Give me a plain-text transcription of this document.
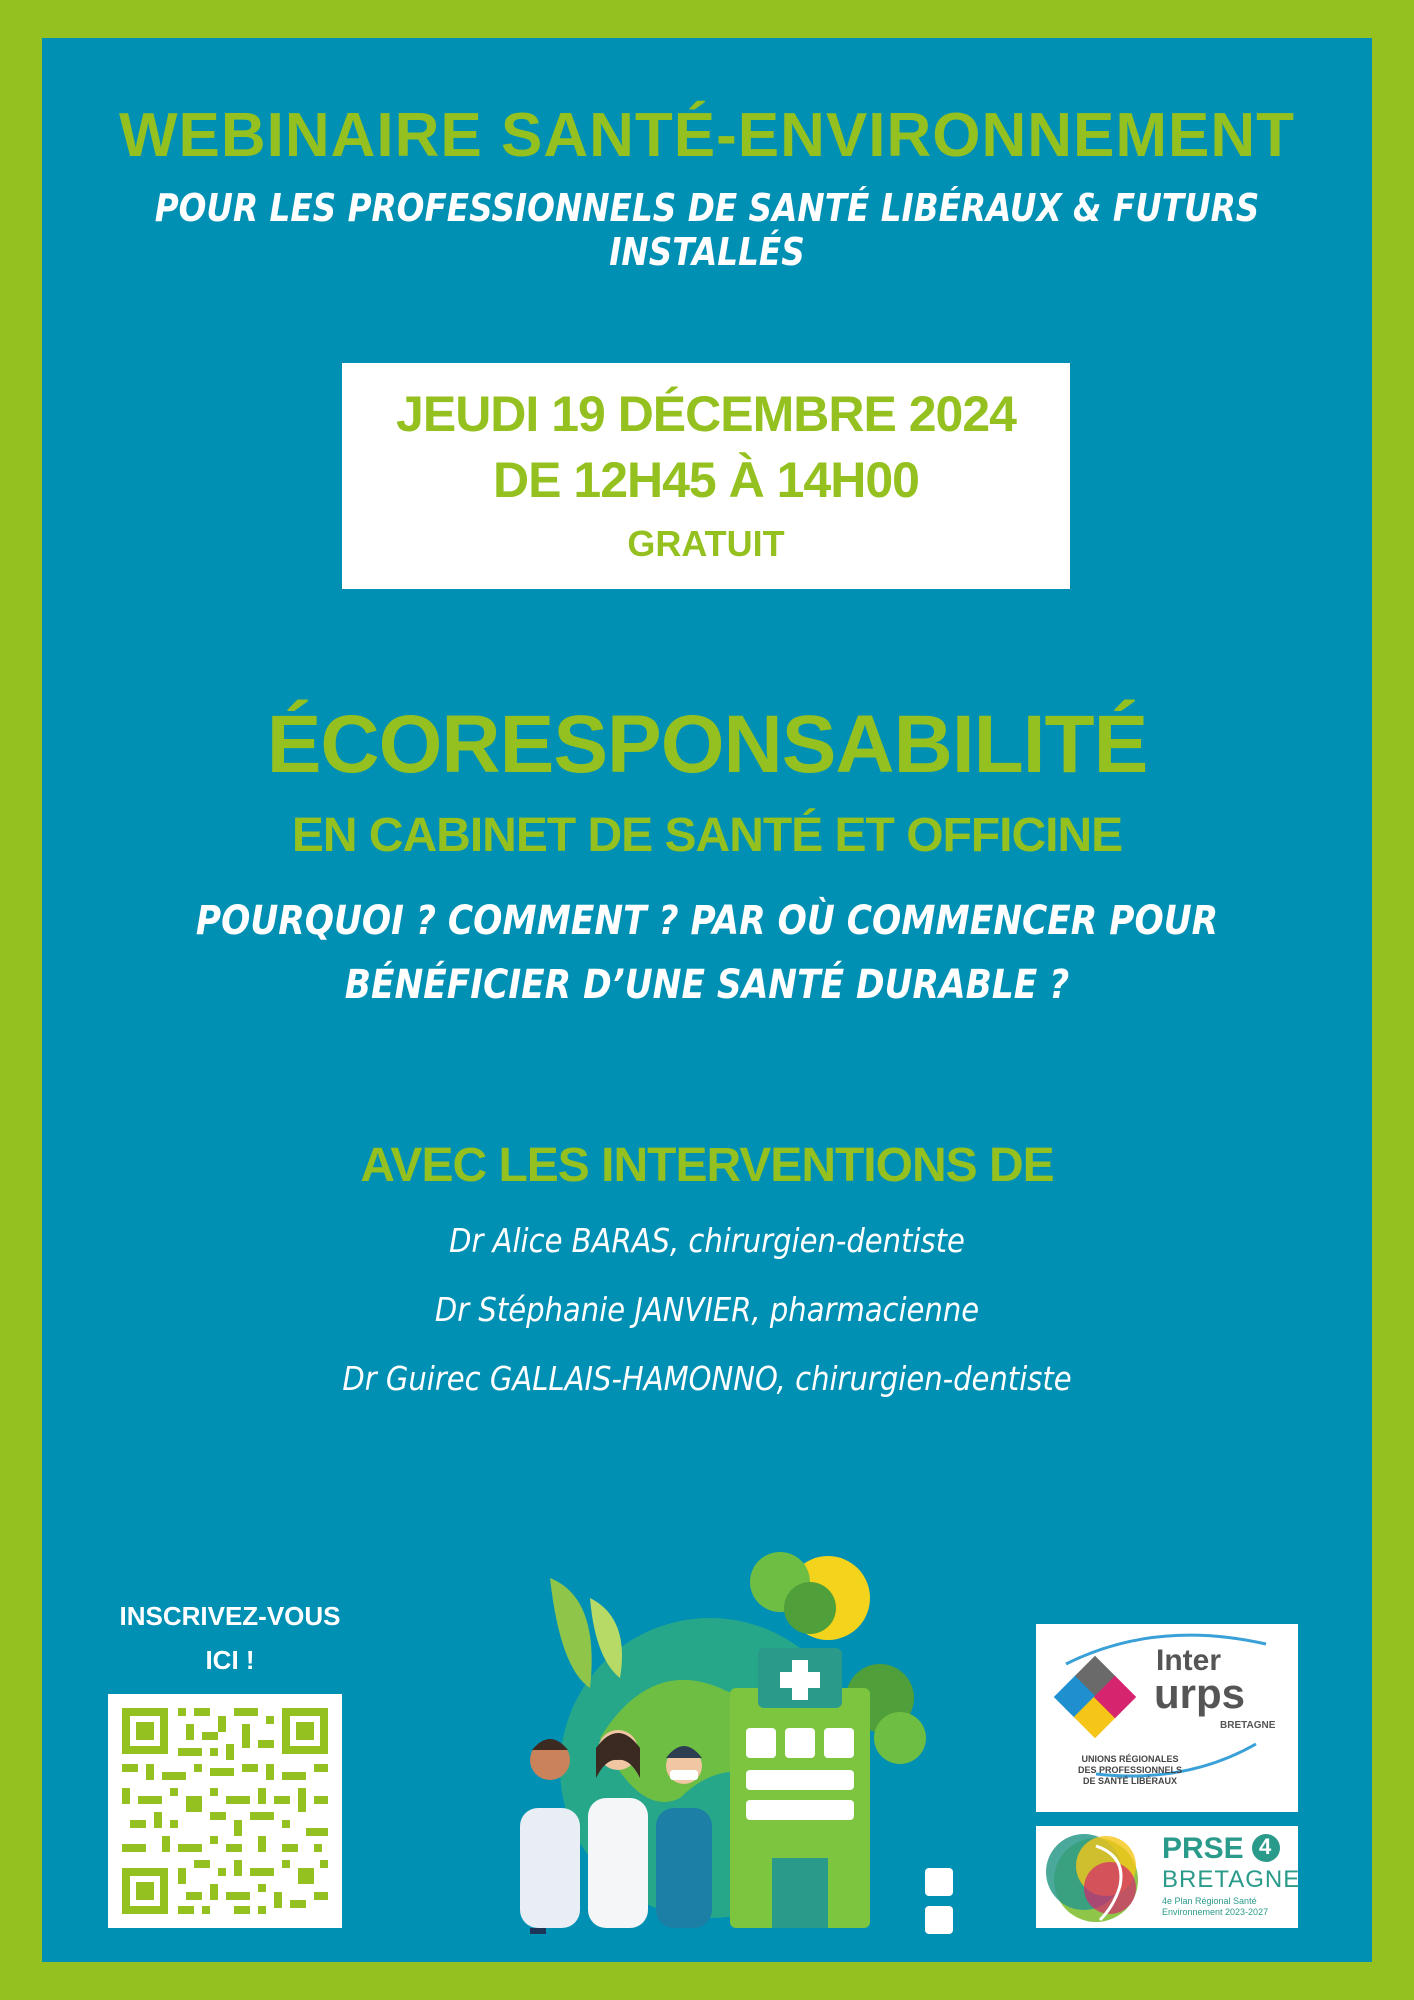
WEBINAIRE SANTÉ-ENVIRONNEMENT
POUR LES PROFESSIONNELS DE SANTÉ LIBÉRAUX & FUTURS INSTALLÉS
JEUDI 19 DÉCEMBRE 2024
DE 12H45 À 14H00
GRATUIT
ÉCORESPONSABILITÉ
EN CABINET DE SANTÉ ET OFFICINE
POURQUOI ? COMMENT ? PAR OÙ COMMENCER POUR
BÉNÉFICIER D’UNE SANTÉ DURABLE ?
AVEC LES INTERVENTIONS DE
Dr Alice BARAS, chirurgien-dentiste
Dr Stéphanie JANVIER, pharmacienne
Dr Guirec GALLAIS-HAMONNO, chirurgien-dentiste
INSCRIVEZ-VOUS
ICI !	Inter
urps
BRETAGNE
UNIONS RÉGIONALES
DES PROFESSIONNELS
DE SANTÉ LIBÉRAUX
PRSE 4
BRETAGNE
4e Plan Régional Santé
Environnement 2023-2027
